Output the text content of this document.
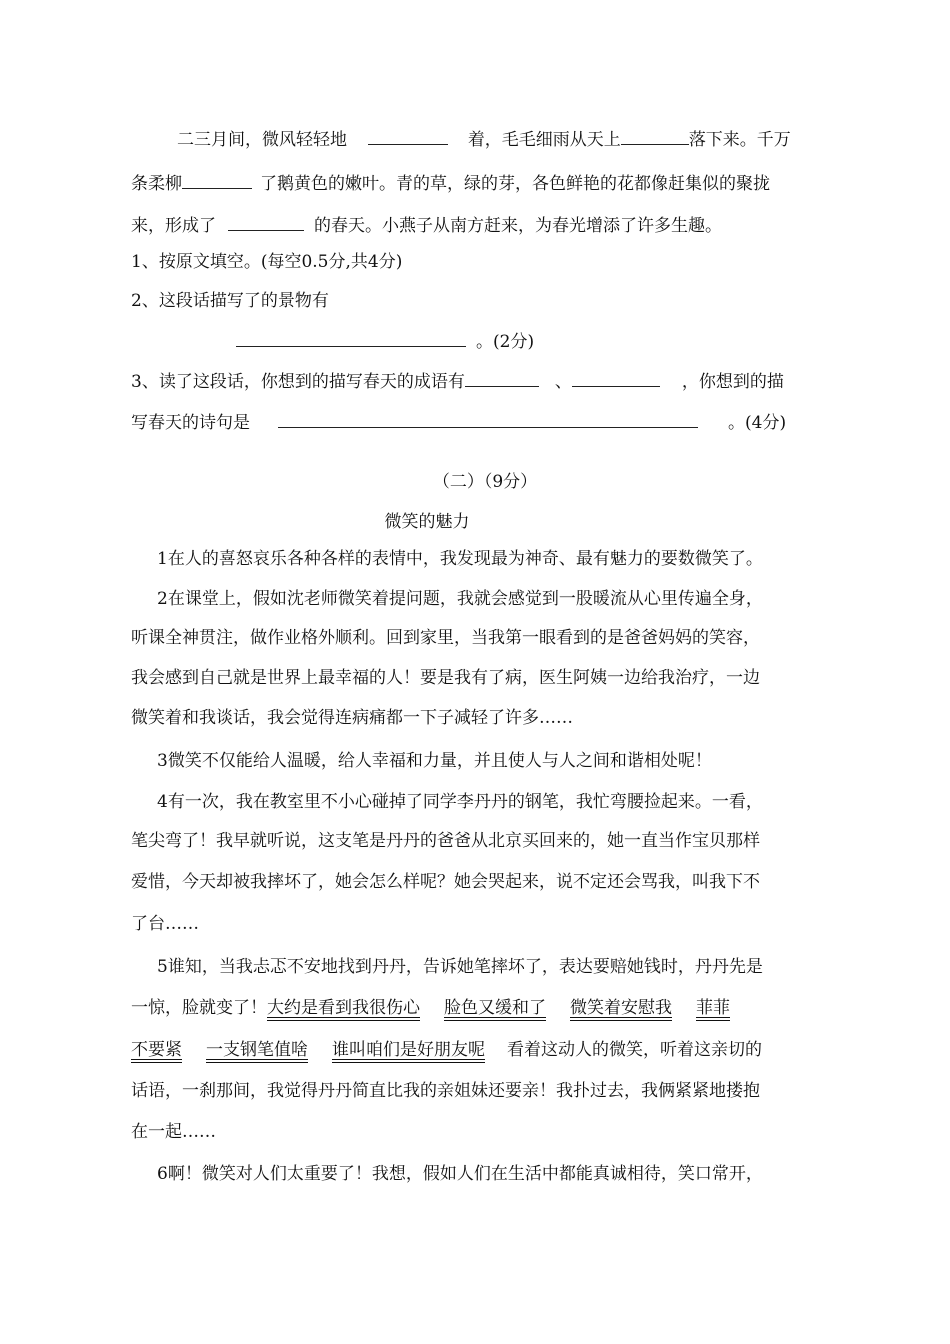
二三月间，微风轻轻地	着，毛毛细雨从天上	落下来。千万
条柔柳	了鹅黄色的嫩叶。青的草，绿的芽，各色鲜艳的花都像赶集似的聚拢
来，形成了	的春天。小燕子从南方赶来，为春光增添了许多生趣。
1、按原文填空。(每空0.5分,共4分)
2、这段话描写了的景物有
。(2分)
3、读了这段话，你想到的描写春天的成语有	、	，你想到的描
写春天的诗句是	。(4分)
（二）（9分）
微笑的魅力
1在人的喜怒哀乐各种各样的表情中，我发现最为神奇、最有魅力的要数微笑了。
2在课堂上，假如沈老师微笑着提问题，我就会感觉到一股暖流从心里传遍全身，
听课全神贯注，做作业格外顺利。回到家里，当我第一眼看到的是爸爸妈妈的笑容，
我会感到自己就是世界上最幸福的人！要是我有了病，医生阿姨一边给我治疗，一边
微笑着和我谈话，我会觉得连病痛都一下子减轻了许多……
3微笑不仅能给人温暖，给人幸福和力量，并且使人与人之间和谐相处呢！
4有一次，我在教室里不小心碰掉了同学李丹丹的钢笔，我忙弯腰捡起来。一看，
笔尖弯了！我早就听说，这支笔是丹丹的爸爸从北京买回来的，她一直当作宝贝那样
爱惜，今天却被我摔坏了，她会怎么样呢？她会哭起来，说不定还会骂我，叫我下不
了台……
5谁知，当我忐忑不安地找到丹丹，告诉她笔摔坏了，表达要赔她钱时，丹丹先是
一惊，脸就变了！大约是看到我很伤心 脸色又缓和了 微笑着安慰我 菲菲
不要紧 一支钢笔值啥 谁叫咱们是好朋友呢 看着这动人的微笑，听着这亲切的
话语，一刹那间，我觉得丹丹简直比我的亲姐妹还要亲！我扑过去，我俩紧紧地搂抱
在一起……
6啊！微笑对人们太重要了！我想，假如人们在生活中都能真诚相待，笑口常开，
